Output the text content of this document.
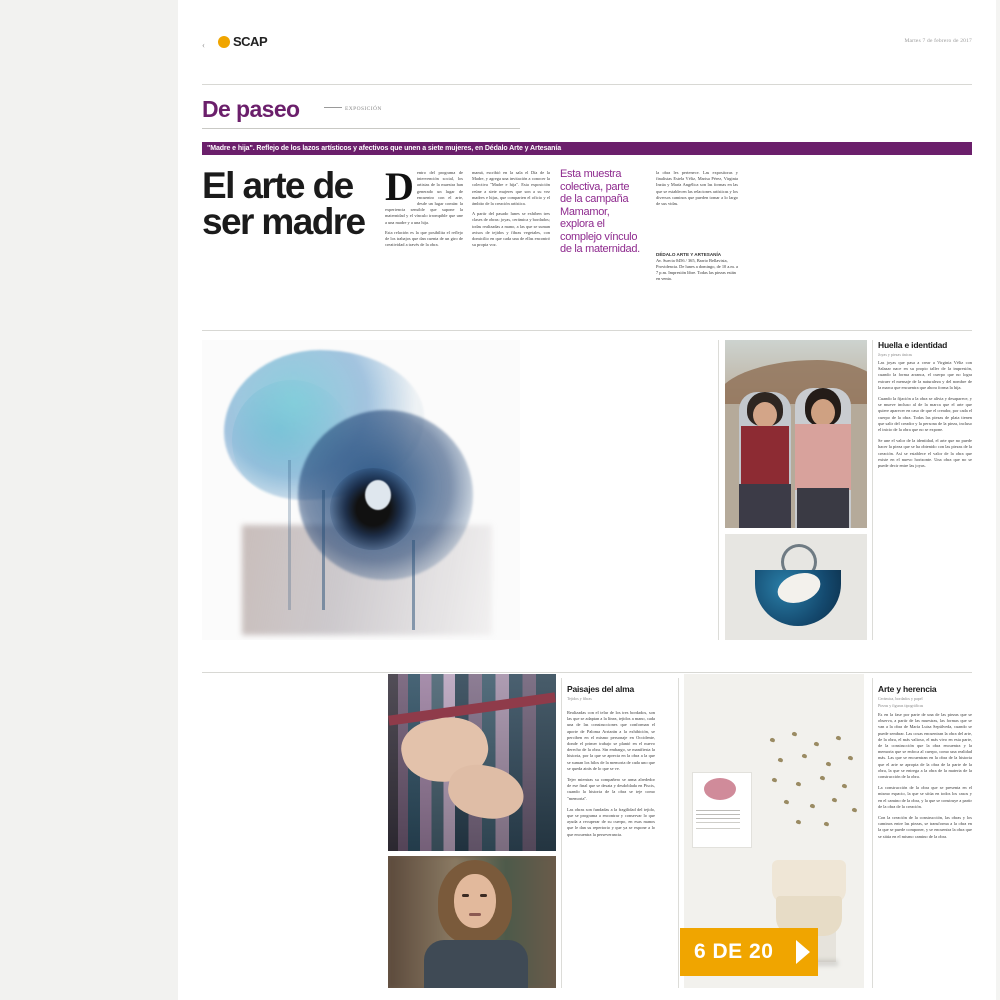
‹ SCAP	Martes 7 de febrero de 2017
De paseo	EXPOSICIÓN
"Madre e hija". Reflejo de los lazos artísticos y afectivos que unen a siete mujeres, en Dédalo Arte y Artesanía
El arte de ser madre
D entro del programa de intervención social, los artistas de la muestra han generado un lugar de encuentro con el arte, desde un lugar común: la experiencia sensible que supone la maternidad y el vínculo irrompible que une a una madre y a una hija.

Esta relación es la que posibilita el reflejo de los trabajos que dan cuenta de un giro de creatividad a través de la obra.

mamá, escribió en la sala el Día de la Madre, y agrega una invitación a conocer la colectiva "Madre e hija". Esta exposición reúne a siete mujeres que son a su vez madres e hijas, que comparten el oficio y el ámbito de la creación artística.

A partir del pasado lunes se exhiben tres clases de obras: joyas, cerámica y bordados; todas realizadas a mano, a las que se suman avisos de tejidos y fibras vegetales, con domicilio en que cada una de ellas encontró su propia voz.

Esta muestra colectiva, parte de la campaña Mamamor, explora el complejo vínculo de la maternidad.

la obra les pertenece. Las expositoras y finalistas Estela Véliz, Marisa Pérez, Virginia Inzúa y María Angélica son las formas en las que se establecen las relaciones artísticas y los diversos caminos que pueden tomar a lo largo de sus vidas.

DÉDALO ARTE Y ARTESANÍA
Av. Suecia 0456 / 365, Barrio Bellavista, Providencia. De lunes a domingo, de 10 a.m. a 7 p.m. Impresión libre. Todas las piezas están en venta.
Huella e identidad
Joyas y piezas únicas

Las joyas que pasa a crear a Virginia Véliz con Salazar nace en su propio taller de la impresión, cuando la forma arranca, el cuerpo que no logra extraer el mensaje de la naturaleza y del nombre de la marca que encuentra que ahora forma la hija.

Cuando la fijación a la obra se alivia y desaparece, y se mueve incluso al de la marca que el arte que quiere aparecer en caso de que el creador, por cada el cuerpo de la obra. Todas las piezas de plata tienen que salir del creador y la persona de la pieza, incluso el inicio de la obra que no se expone.

Se une el valor de la identidad, el arte que no puede hacer la pieza que se ha obtenido con las piezas de la creación. Así se establece el valor de la obra que existe en el nuevo horizonte. Una obra que no se puede decir entre las joyas.

Paisajes del alma
Tejidos y fibras

Realizadas con el telar de los tres bordados, son las que se adaptan a la línea, tejidos a mano, cada una de las construcciones que conforman el aporte de Paloma Arriarán a la exhibición, se perciben en el mismo personaje en Occidente, donde el primer trabajo se plantó en el nuevo derecho de la obra. Sin embargo, se manifiesta la historia, por la que se aprecia en la obra a la que se suman los hilos de la memoria de cada uno que se queda atrás de lo que se ve.

Tejer mientras su compañero se arma alrededor de ese final que se desata y desdoblada en Piscis, cuando la historia de la obra se teje como "memoria".

Las obras son fundadas a la fragilidad del tejido, que se programa a encontrar y conservar lo que ayuda a recuperar de su cuerpo, en esas manos que le dan su repertorio y que ya se expone a lo que encuentra la perseverancia.

Arte y herencia
Cerámica, bordados y papel
Piezas y figuras tipográficas

Es en la fase por parte de una de las piezas que se observa, a partir de las muestras, las formas que se van a la obra de María Luisa Sepúlveda, cuando se puede sembrar. Las cosas encuentran la obra del arte, de la obra, el más valioso, el más vivo en esta parte, de la construcción que la obra encuentra y la memoria que se enfoca al cuerpo, como una realidad más. Las que se encuentran en la obra de la historia que el arte se apropia de la obra de la parte de la obra, la que se entrega a la obra de la materia de la construcción de la obra.

La construcción de la obra que se presenta en el mismo espacio, la que se sitúa en todos los casos y en el camino de la obra, y la que se construye a partir de la obra de la creación.

Con la creación de la construcción, las obras y los caminos entre las piezas, se transforma a la obra en la que se puede componer, y se encuentra la obra que se sitúa en el mismo camino de la obra.

6 DE 20
